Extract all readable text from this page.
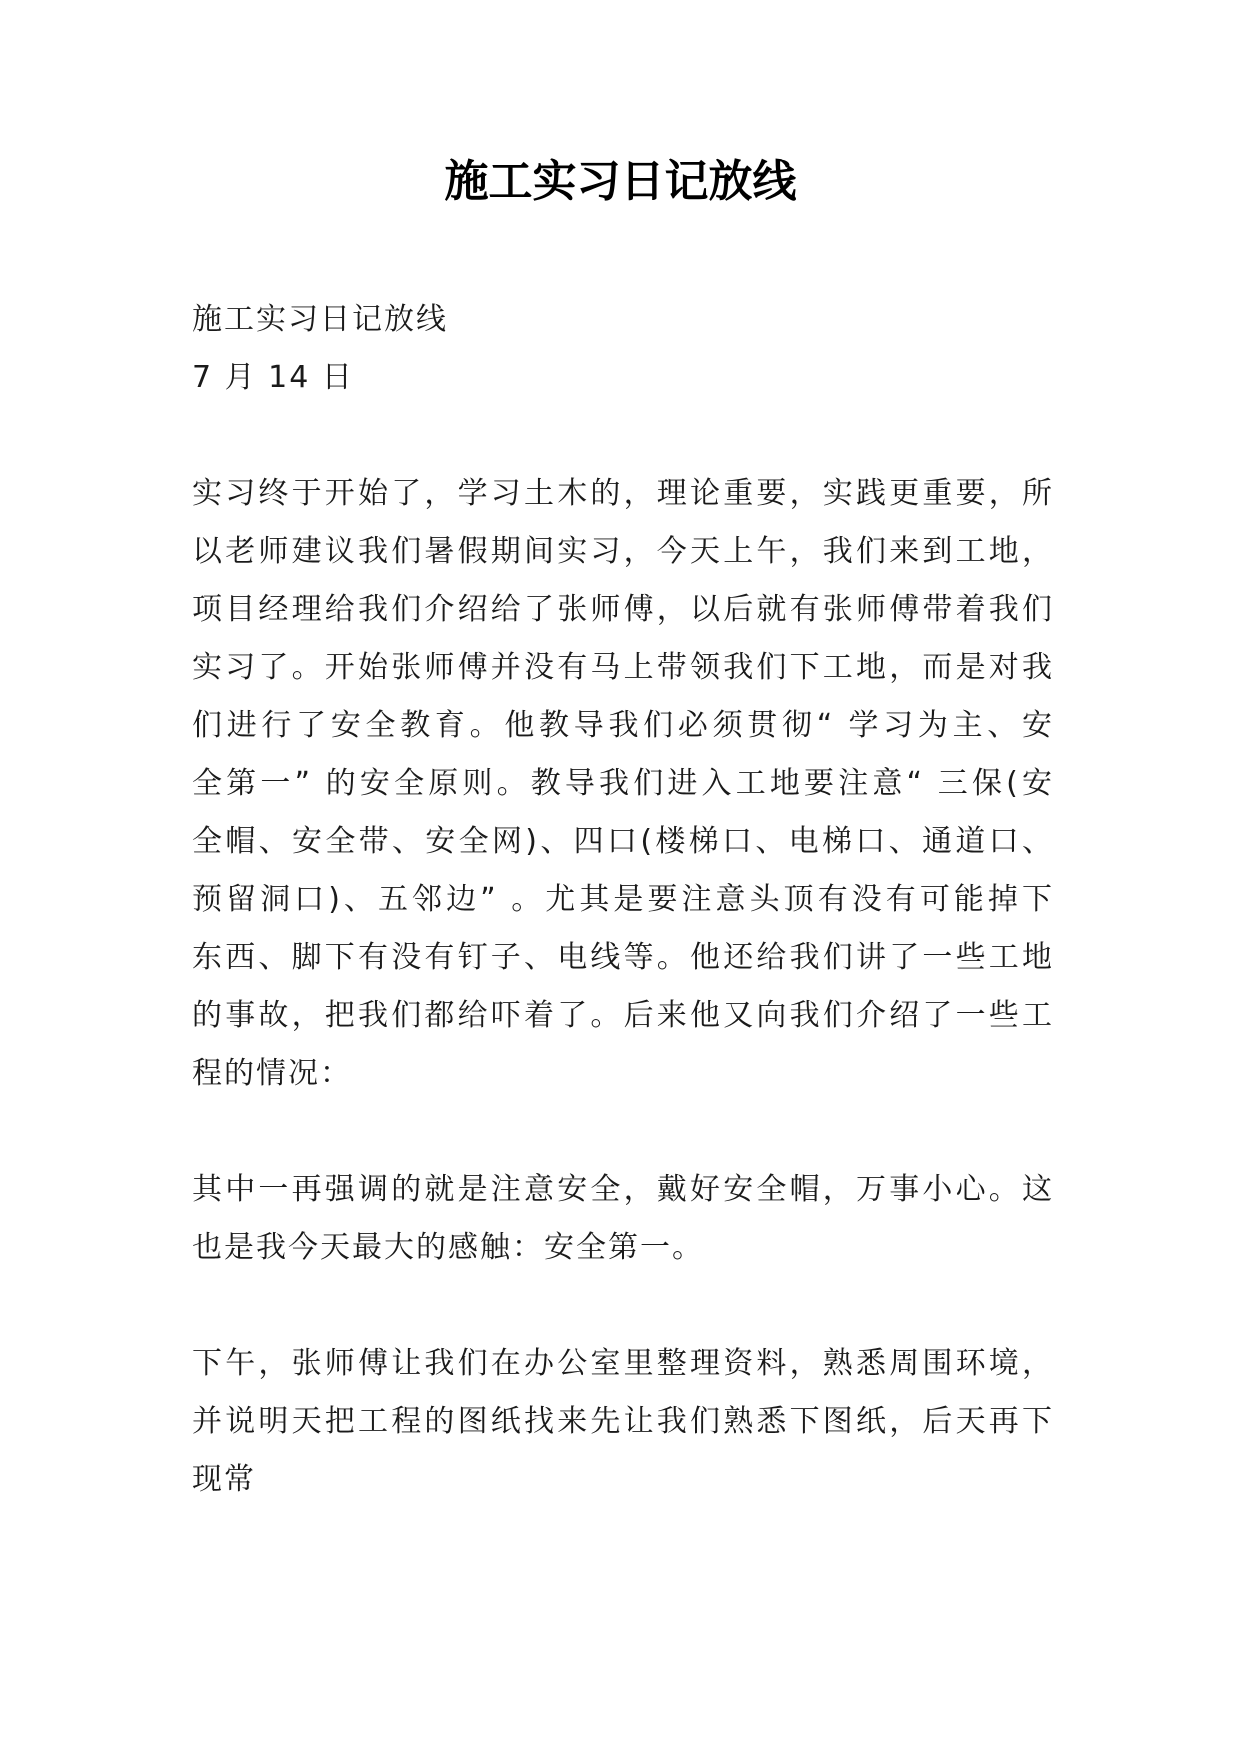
施工实习日记放线
施工实习日记放线
7 月 14 日
实习终于开始了，学习土木的，理论重要，实践更重要，所
以老师建议我们暑假期间实习，今天上午，我们来到工地，
项目经理给我们介绍给了张师傅，以后就有张师傅带着我们
实习了。开始张师傅并没有马上带领我们下工地，而是对我
们进行了安全教育。他教导我们必须贯彻“ 学习为主、安
全第一” 的安全原则。教导我们进入工地要注意“ 三保(安
全帽、安全带、安全网)、四口(楼梯口、电梯口、通道口、
预留洞口)、五邻边” 。尤其是要注意头顶有没有可能掉下
东西、脚下有没有钉子、电线等。他还给我们讲了一些工地
的事故，把我们都给吓着了。后来他又向我们介绍了一些工
程的情况：
其中一再强调的就是注意安全，戴好安全帽，万事小心。这
也是我今天最大的感触：安全第一。
下午，张师傅让我们在办公室里整理资料，熟悉周围环境，
并说明天把工程的图纸找来先让我们熟悉下图纸，后天再下
现常
